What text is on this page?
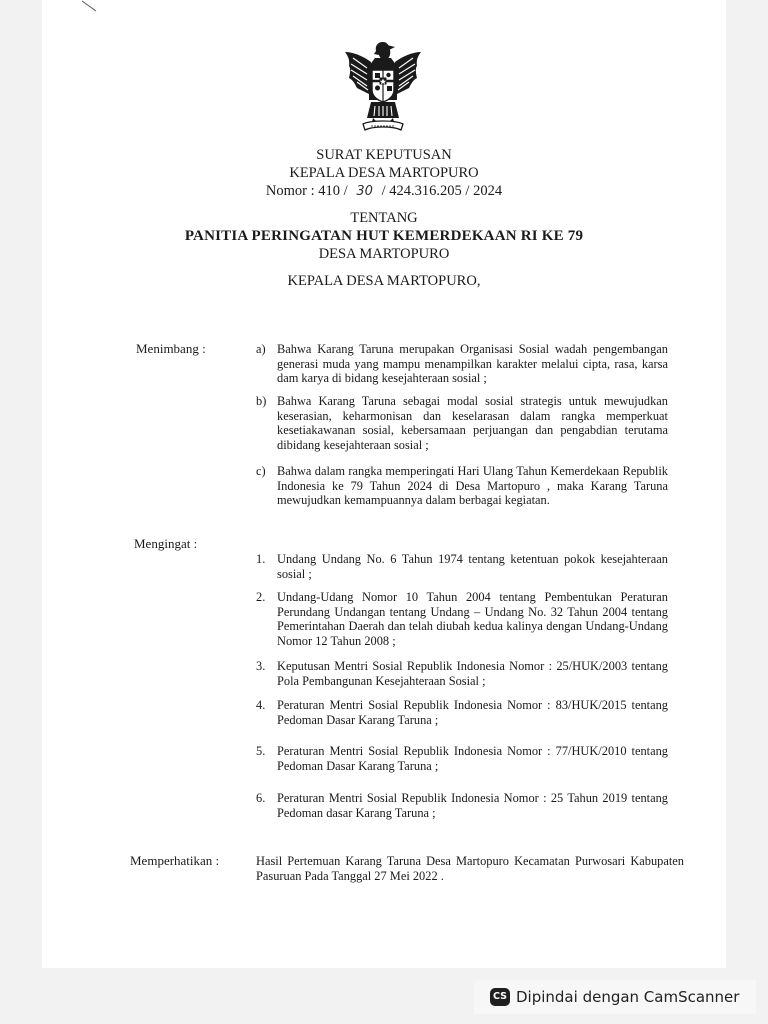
SURAT KEPUTUSAN
KEPALA DESA MARTOPURO
Nomor : 410 / 30 / 424.316.205 / 2024
TENTANG
PANITIA PERINGATAN HUT KEMERDEKAAN RI KE 79
DESA MARTOPURO
KEPALA DESA MARTOPURO,
Menimbang :	a) Bahwa Karang Taruna merupakan Organisasi Sosial wadah pengembangan generasi muda yang mampu menampilkan karakter melalui cipta, rasa, karsa dam karya di bidang kesejahteraan sosial ;
b) Bahwa Karang Taruna sebagai modal sosial strategis untuk mewujudkan keserasian, keharmonisan dan keselarasan dalam rangka memperkuat kesetiakawanan sosial, kebersamaan perjuangan dan pengabdian terutama dibidang kesejahteraan sosial ;
c) Bahwa dalam rangka memperingati Hari Ulang Tahun Kemerdekaan Republik Indonesia ke 79 Tahun 2024 di Desa Martopuro , maka Karang Taruna mewujudkan kemampuannya dalam berbagai kegiatan.
Mengingat :
1. Undang Undang No. 6 Tahun 1974 tentang ketentuan pokok kesejahteraan sosial ;
2. Undang-Udang Nomor 10 Tahun 2004 tentang Pembentukan Peraturan Perundang Undangan tentang Undang – Undang No. 32 Tahun 2004 tentang Pemerintahan Daerah dan telah diubah kedua kalinya dengan Undang-Undang Nomor 12 Tahun 2008 ;
3. Keputusan Mentri Sosial Republik Indonesia Nomor : 25/HUK/2003 tentang Pola Pembangunan Kesejahteraan Sosial ;
4. Peraturan Mentri Sosial Republik Indonesia Nomor : 83/HUK/2015 tentang Pedoman Dasar Karang Taruna ;
5. Peraturan Mentri Sosial Republik Indonesia Nomor : 77/HUK/2010 tentang Pedoman Dasar Karang Taruna ;
6. Peraturan Mentri Sosial Republik Indonesia Nomor : 25 Tahun 2019 tentang Pedoman dasar Karang Taruna ;
Memperhatikan :	Hasil Pertemuan Karang Taruna Desa Martopuro Kecamatan Purwosari Kabupaten Pasuruan Pada Tanggal 27 Mei 2022 .
CS Dipindai dengan CamScanner
